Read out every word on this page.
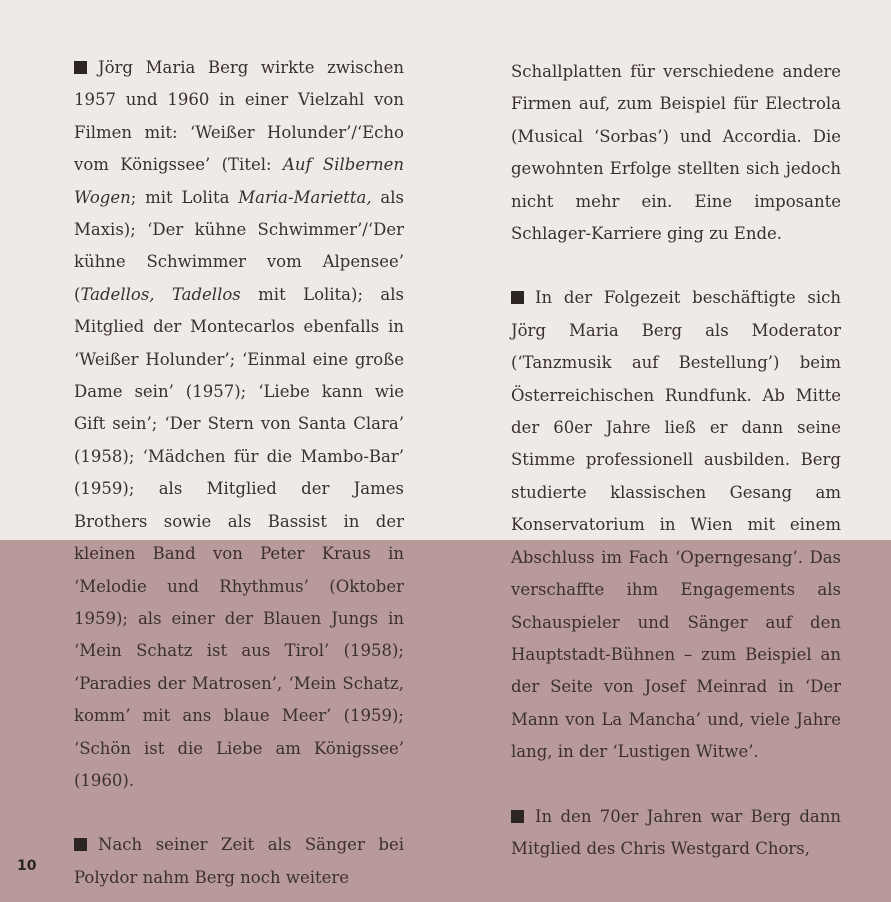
Jörg Maria Berg wirkte zwischen 1957 und 1960 in einer Vielzahl von Filmen mit: ‘Weißer Holunder’/‘Echo vom Königssee’ (Titel: Auf Silbernen Wogen; mit Lolita Maria-Marietta, als Maxis); ‘Der kühne Schwimmer’/‘Der kühne Schwimmer vom Alpensee’ (Tadellos, Tadellos mit Lolita); als Mitglied der Montecarlos ebenfalls in ‘Weißer Holunder’; ‘Einmal eine große Dame sein’ (1957); ‘Liebe kann wie Gift sein’; ‘Der Stern von Santa Clara’ (1958); ‘Mädchen für die Mambo-Bar’ (1959); als Mitglied der James Brothers sowie als Bassist in der kleinen Band von Peter Kraus in ‘Melodie und Rhythmus’ (Oktober 1959); als einer der Blauen Jungs in ‘Mein Schatz ist aus Tirol’ (1958); ‘Paradies der Matrosen’, ‘Mein Schatz, komm’ mit ans blaue Meer’ (1959); ‘Schön ist die Liebe am Königssee’ (1960).

Nach seiner Zeit als Sänger bei Polydor nahm Berg noch weitere

Schallplatten für verschiedene andere Firmen auf, zum Beispiel für Electrola (Musical ‘Sorbas’) und Accordia. Die gewohnten Erfolge stellten sich jedoch nicht mehr ein. Eine imposante Schlager-Karriere ging zu Ende.

In der Folgezeit beschäftigte sich Jörg Maria Berg als Moderator (‘Tanzmusik auf Bestellung’) beim Österreichischen Rundfunk. Ab Mitte der 60er Jahre ließ er dann seine Stimme professionell ausbilden. Berg studierte klassischen Gesang am Konservatorium in Wien mit einem Abschluss im Fach ‘Operngesang’. Das verschaffte ihm Engagements als Schauspieler und Sänger auf den Hauptstadt-Bühnen – zum Beispiel an der Seite von Josef Meinrad in ‘Der Mann von La Mancha’ und, viele Jahre lang, in der ‘Lustigen Witwe’.

In den 70er Jahren war Berg dann Mitglied des Chris Westgard Chors,

10
